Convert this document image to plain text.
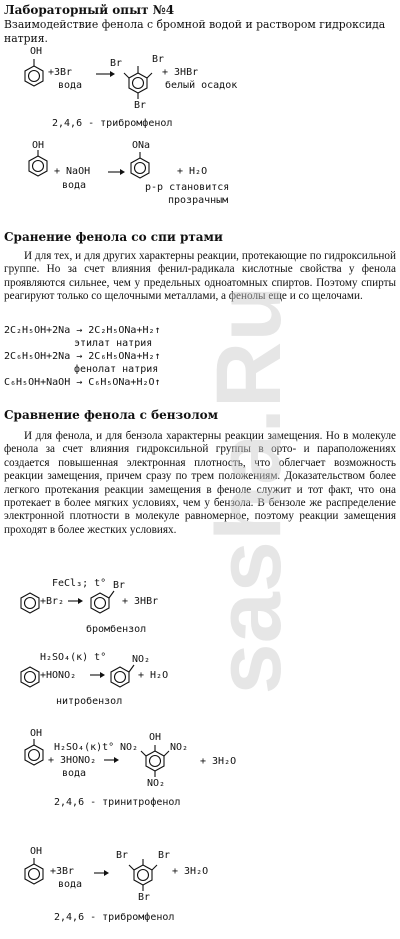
Лабораторный опыт №4
Взаимодействие фенола с бромной водой и раствором гидроксида натрия.
OH
+3Br
вода
Br	Br
Br
+ 3HBr
белый осадок
2,4,6 - трибромфенол
OH
+ NaOH
вода
ONa
+ H₂O
р-р становится
прозрачным
Сранение фенола со спи ртами
И для тех, и для других характерны реакции, протекающие по гидроксильной группе. Но за счет влияния фенил-радикала кислотные свойства у фенола проявляются сильнее, чем у предельных одноатомных спиртов. Поэтому спирты реагируют только со щелочными металлами, а фенолы еще и со щелочами.
2C₂H₅OH+2Na → 2C₂H₅ONa+H₂↑
этилат натрия
2C₆H₅OH+2Na → 2C₆H₅ONa+H₂↑
фенолат натрия
C₆H₅OH+NaOH → C₆H₅ONa+H₂O↑
Сравнение фенола с бензолом
И для фенола, и для бензола характерны реакции замещения. Но в молекуле фенола за счет влияния гидроксильной группы в орто- и параположениях создается повышенная электронная плотность, что облегчает возможность реакции замещения, причем сразу по трем положениям. Доказательством более легкого протекания реакции замещения в феноле служит и тот факт, что она протекает в более мягких условиях, чем у бензола. В бензоле же распределение электронной плотности в молекуле равномерное, поэтому реакции замещения проходят в более жестких условиях.
FeCl₃; t°
+Br₂
Br
+ 3HBr
бромбензол
H₂SO₄(к) t°
+HONO₂
NO₂
+ H₂O
нитробензол
OH
H₂SO₄(к)t°
+ 3HONO₂
вода
OH
NO₂	NO₂
NO₂
+ 3H₂O
2,4,6 - тринитрофенол
OH
+3Br
вода
Br	Br
Br
+ 3H₂O
2,4,6 - трибромфенол
sasha.Ru
